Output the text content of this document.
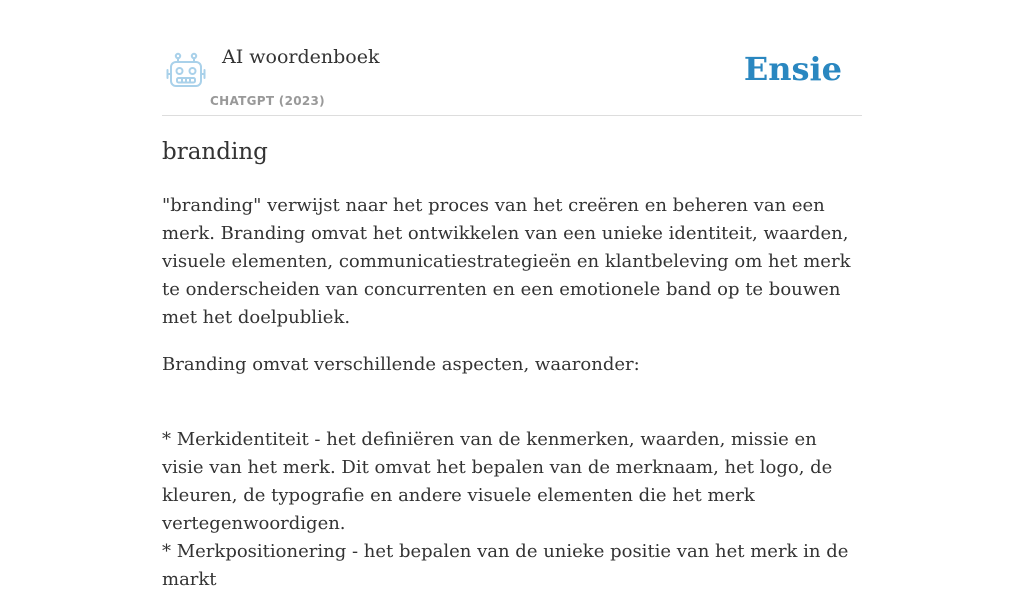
AI woordenboek
CHATGPT (2023)
Ensie
branding

"branding" verwijst naar het proces van het creëren en beheren van een merk. Branding omvat het ontwikkelen van een unieke identiteit, waarden, visuele elementen, communicatiestrategieën en klantbeleving om het merk te onderscheiden van concurrenten en een emotionele band op te bouwen met het doelpubliek.

Branding omvat verschillende aspecten, waaronder:

* Merkidentiteit - het definiëren van de kenmerken, waarden, missie en visie van het merk. Dit omvat het bepalen van de merknaam, het logo, de kleuren, de typografie en andere visuele elementen die het merk vertegenwoordigen.

* Merkpositionering - het bepalen van de unieke positie van het merk in de markt
